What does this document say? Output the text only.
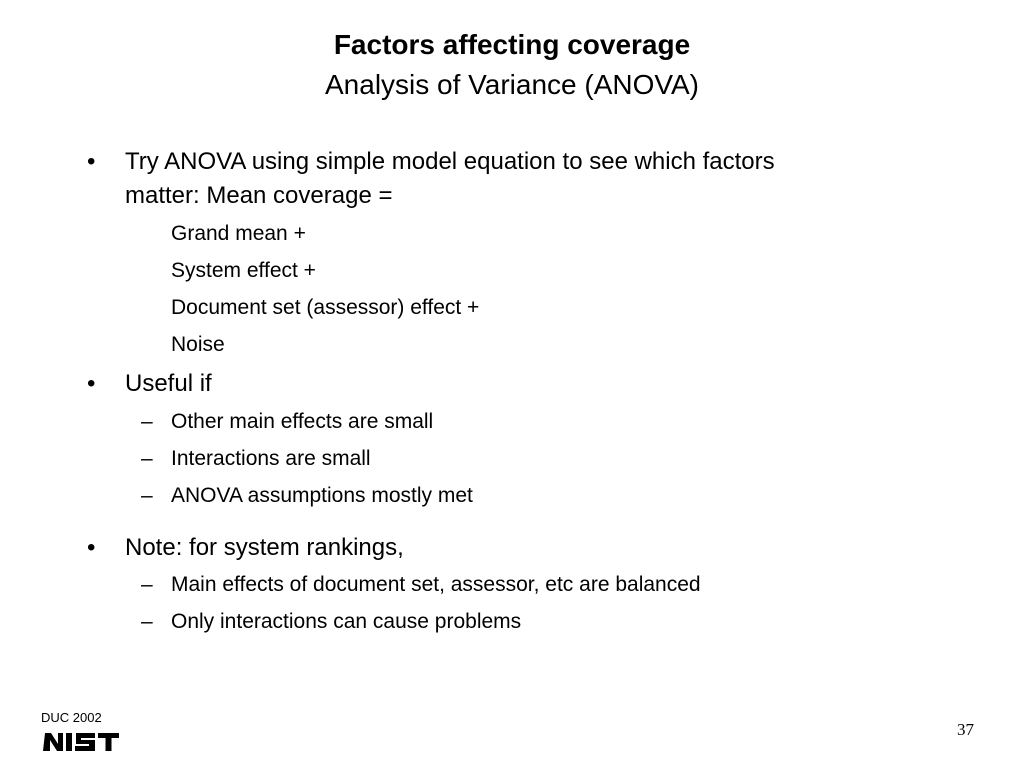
Factors affecting coverage
Analysis of Variance (ANOVA)
• Try ANOVA using simple model equation to see which factors
matter: Mean coverage =
Grand mean +
System effect +
Document set (assessor) effect +
Noise
• Useful if
– Other main effects are small
– Interactions are small
– ANOVA assumptions mostly met
• Note: for system rankings,
– Main effects of document set, assessor, etc are balanced
– Only interactions can cause problems
DUC 2002
37
